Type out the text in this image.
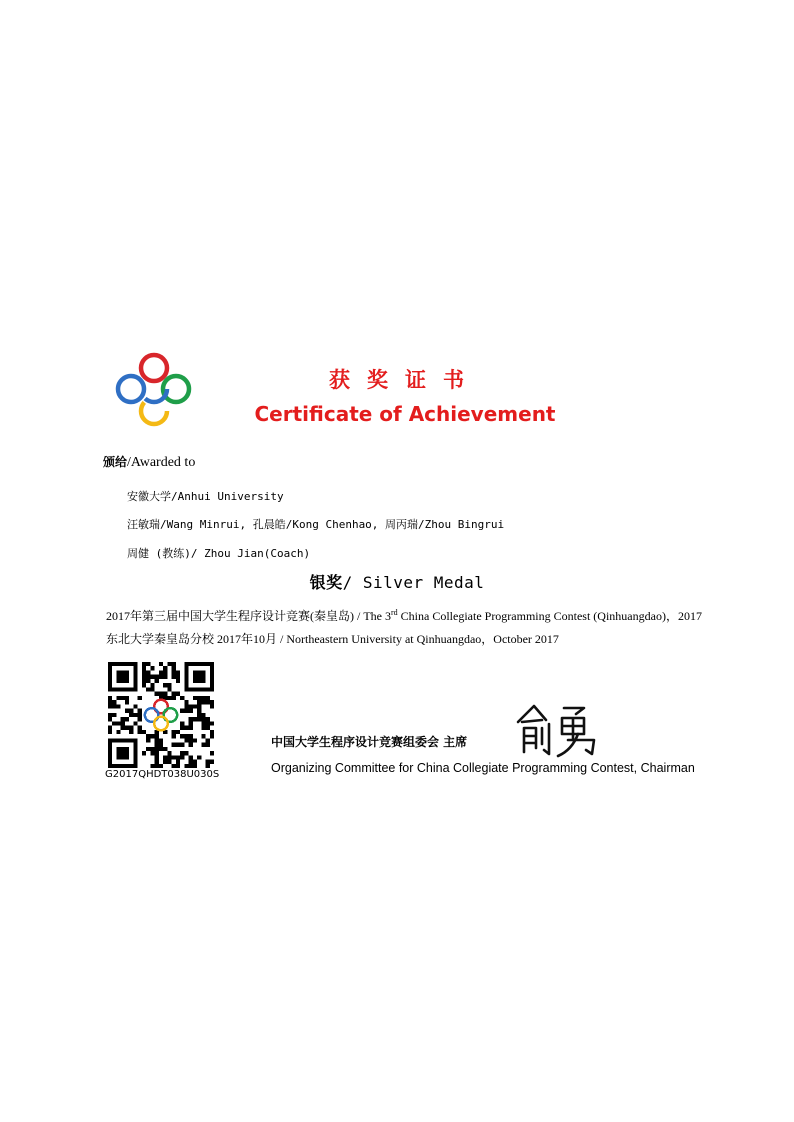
获 奖 证 书
Certificate of Achievement
颁给/Awarded to
安徽大学/Anhui University
汪敏瑞/Wang Minrui, 孔晨皓/Kong Chenhao, 周丙瑞/Zhou Bingrui
周健 (教练)/ Zhou Jian(Coach)
银奖/ Silver Medal
2017年第三届中国大学生程序设计竞赛(秦皇岛) / The 3rd China Collegiate Programming Contest (Qinhuangdao)，2017
东北大学秦皇岛分校 2017年10月 / Northeastern University at Qinhuangdao，October 2017
G2017QHDT038U030S
中国大学生程序设计竞赛组委会 主席
Organizing Committee for China Collegiate Programming Contest, Chairman
